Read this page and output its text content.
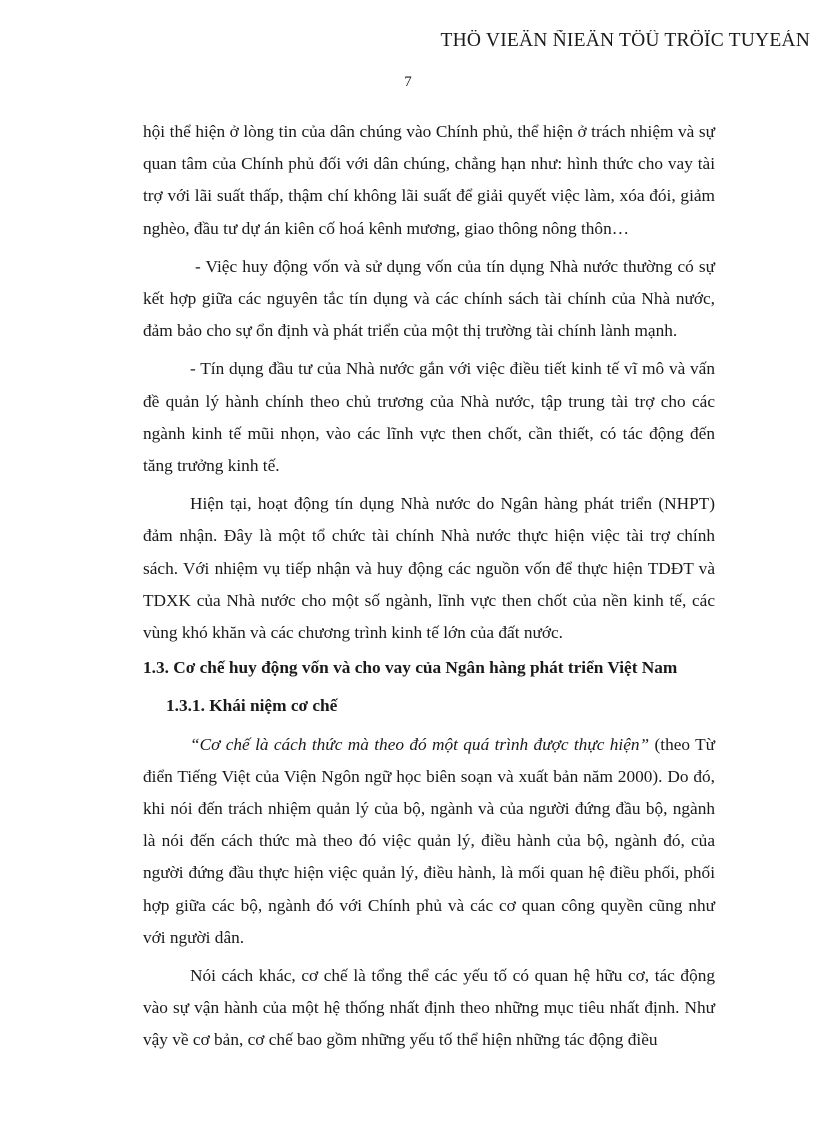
THÖ VIEÄN ÑIEÄN TÖÛ TRÖÏC TUYEÁN
7

hội thể hiện ở lòng tin của dân chúng vào Chính phủ, thể hiện ở trách nhiệm và sự quan tâm của Chính phủ đối với dân chúng, chẳng hạn như: hình thức cho vay tài trợ với lãi suất thấp, thậm chí không lãi suất để giải quyết việc làm, xóa đói, giảm nghèo, đầu tư dự án kiên cố hoá kênh mương, giao thông nông thôn…

- Việc huy động vốn và sử dụng vốn của tín dụng Nhà nước thường có sự kết hợp giữa các nguyên tắc tín dụng và các chính sách tài chính của Nhà nước, đảm bảo cho sự ổn định và phát triển của một thị trường tài chính lành mạnh.

- Tín dụng đầu tư của Nhà nước gắn với việc điều tiết kinh tế vĩ mô và vấn đề quản lý hành chính theo chủ trương của Nhà nước, tập trung tài trợ cho các ngành kinh tế mũi nhọn, vào các lĩnh vực then chốt, cần thiết, có tác động đến tăng trưởng kinh tế.

Hiện tại, hoạt động tín dụng Nhà nước do Ngân hàng phát triển (NHPT) đảm nhận. Đây là một tổ chức tài chính Nhà nước thực hiện việc tài trợ chính sách. Với nhiệm vụ tiếp nhận và huy động các nguồn vốn để thực hiện TDĐT và TDXK của Nhà nước cho một số ngành, lĩnh vực then chốt của nền kinh tế, các vùng khó khăn và các chương trình kinh tế lớn của đất nước.

1.3. Cơ chế huy động vốn và cho vay của Ngân hàng phát triển Việt Nam

1.3.1. Khái niệm cơ chế

“Cơ chế là cách thức mà theo đó một quá trình được thực hiện” (theo Từ điển Tiếng Việt của Viện Ngôn ngữ học biên soạn và xuất bản năm 2000). Do đó, khi nói đến trách nhiệm quản lý của bộ, ngành và của người đứng đầu bộ, ngành là nói đến cách thức mà theo đó việc quản lý, điều hành của bộ, ngành đó, của người đứng đầu thực hiện việc quản lý, điều hành, là mối quan hệ điều phối, phối hợp giữa các bộ, ngành đó với Chính phủ và các cơ quan công quyền cũng như với người dân.

Nói cách khác, cơ chế là tổng thể các yếu tố có quan hệ hữu cơ, tác động vào sự vận hành của một hệ thống nhất định theo những mục tiêu nhất định. Như vậy về cơ bản, cơ chế bao gồm những yếu tố thể hiện những tác động điều
